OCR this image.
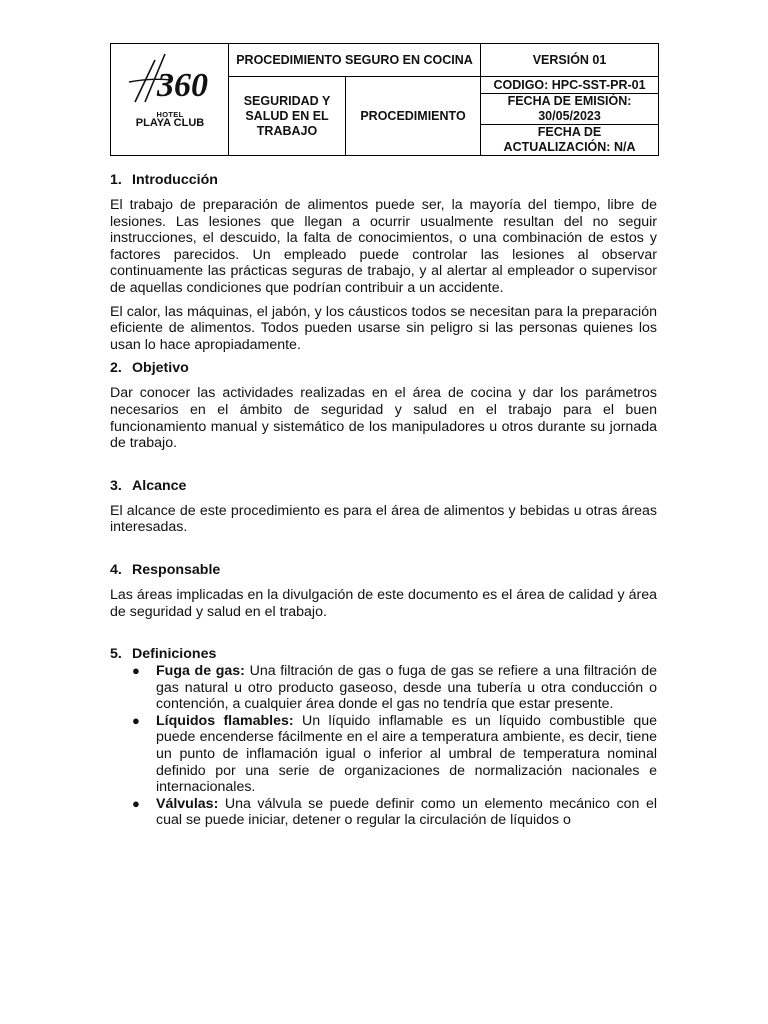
360
HOTEL
PLAYA CLUB	PROCEDIMIENTO SEGURO EN COCINA		VERSIÓN 01
	SEGURIDAD Y SALUD EN EL TRABAJO	PROCEDIMIENTO	CODIGO: HPC-SST-PR-01
			FECHA DE EMISIÓN: 30/05/2023
			FECHA DE ACTUALIZACIÓN: N/A
1. Introducción

El trabajo de preparación de alimentos puede ser, la mayoría del tiempo, libre de lesiones. Las lesiones que llegan a ocurrir usualmente resultan del no seguir instrucciones, el descuido, la falta de conocimientos, o una combinación de estos y factores parecidos. Un empleado puede controlar las lesiones al observar continuamente las prácticas seguras de trabajo, y al alertar al empleador o supervisor de aquellas condiciones que podrían contribuir a un accidente.

El calor, las máquinas, el jabón, y los cáusticos todos se necesitan para la preparación eficiente de alimentos. Todos pueden usarse sin peligro si las personas quienes los usan lo hace apropiadamente.

2. Objetivo

Dar conocer las actividades realizadas en el área de cocina y dar los parámetros necesarios en el ámbito de seguridad y salud en el trabajo para el buen funcionamiento manual y sistemático de los manipuladores u otros durante su jornada de trabajo.

3. Alcance

El alcance de este procedimiento es para el área de alimentos y bebidas u otras áreas interesadas.

4. Responsable

Las áreas implicadas en la divulgación de este documento es el área de calidad y área de seguridad y salud en el trabajo.

5. Definiciones
● Fuga de gas: Una filtración de gas o fuga de gas se refiere a una filtración de gas natural u otro producto gaseoso, desde una tubería u otra conducción o contención, a cualquier área donde el gas no tendría que estar presente.
● Líquidos flamables: Un líquido inflamable es un líquido combustible que puede encenderse fácilmente en el aire a temperatura ambiente, es decir, tiene un punto de inflamación igual o inferior al umbral de temperatura nominal definido por una serie de organizaciones de normalización nacionales e internacionales.
● Válvulas: Una válvula se puede definir como un elemento mecánico con el cual se puede iniciar, detener o regular la circulación de líquidos o
